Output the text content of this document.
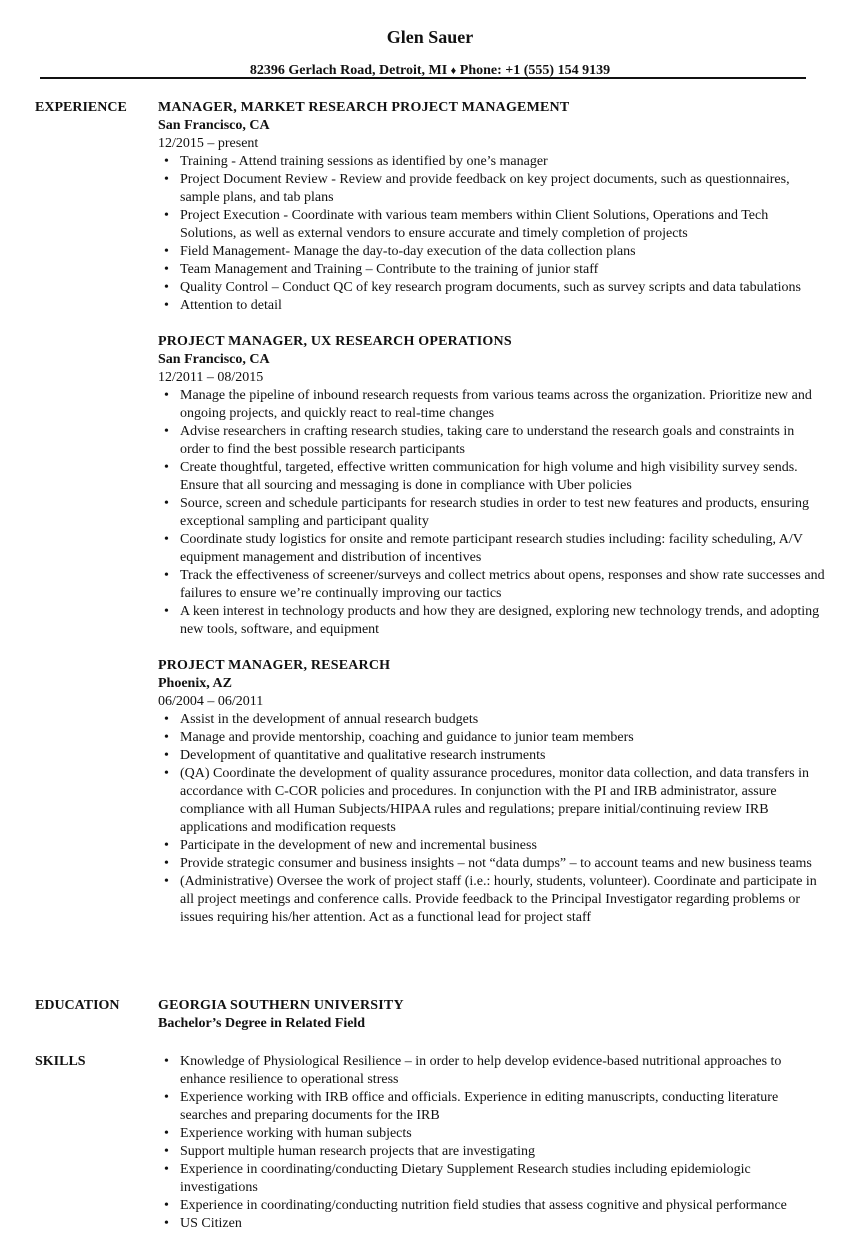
Glen Sauer
82396 Gerlach Road, Detroit, MI ♦ Phone: +1 (555) 154 9139
EXPERIENCE	MANAGER, MARKET RESEARCH PROJECT MANAGEMENT
San Francisco, CA
12/2015 – present
• Training - Attend training sessions as identified by one’s manager
• Project Document Review - Review and provide feedback on key project documents, such as questionnaires, sample plans, and tab plans
• Project Execution - Coordinate with various team members within Client Solutions, Operations and Tech Solutions, as well as external vendors to ensure accurate and timely completion of projects
• Field Management- Manage the day-to-day execution of the data collection plans
• Team Management and Training – Contribute to the training of junior staff
• Quality Control – Conduct QC of key research program documents, such as survey scripts and data tabulations
• Attention to detail
PROJECT MANAGER, UX RESEARCH OPERATIONS
San Francisco, CA
12/2011 – 08/2015
• Manage the pipeline of inbound research requests from various teams across the organization. Prioritize new and ongoing projects, and quickly react to real-time changes
• Advise researchers in crafting research studies, taking care to understand the research goals and constraints in order to find the best possible research participants
• Create thoughtful, targeted, effective written communication for high volume and high visibility survey sends. Ensure that all sourcing and messaging is done in compliance with Uber policies
• Source, screen and schedule participants for research studies in order to test new features and products, ensuring exceptional sampling and participant quality
• Coordinate study logistics for onsite and remote participant research studies including: facility scheduling, A/V equipment management and distribution of incentives
• Track the effectiveness of screener/surveys and collect metrics about opens, responses and show rate successes and failures to ensure we’re continually improving our tactics
• A keen interest in technology products and how they are designed, exploring new technology trends, and adopting new tools, software, and equipment
PROJECT MANAGER, RESEARCH
Phoenix, AZ
06/2004 – 06/2011
• Assist in the development of annual research budgets
• Manage and provide mentorship, coaching and guidance to junior team members
• Development of quantitative and qualitative research instruments
• (QA) Coordinate the development of quality assurance procedures, monitor data collection, and data transfers in accordance with C-COR policies and procedures. In conjunction with the PI and IRB administrator, assure compliance with all Human Subjects/HIPAA rules and regulations; prepare initial/continuing review IRB applications and modification requests
• Participate in the development of new and incremental business
• Provide strategic consumer and business insights – not “data dumps” – to account teams and new business teams
• (Administrative) Oversee the work of project staff (i.e.: hourly, students, volunteer). Coordinate and participate in all project meetings and conference calls. Provide feedback to the Principal Investigator regarding problems or issues requiring his/her attention. Act as a functional lead for project staff
EDUCATION	GEORGIA SOUTHERN UNIVERSITY
Bachelor’s Degree in Related Field
SKILLS
•	Knowledge of Physiological Resilience – in order to help develop evidence-based nutritional approaches to enhance resilience to operational stress
• Experience working with IRB office and officials. Experience in editing manuscripts, conducting literature searches and preparing documents for the IRB
• Experience working with human subjects
• Support multiple human research projects that are investigating
• Experience in coordinating/conducting Dietary Supplement Research studies including epidemiologic investigations
• Experience in coordinating/conducting nutrition field studies that assess cognitive and physical performance
• US Citizen
